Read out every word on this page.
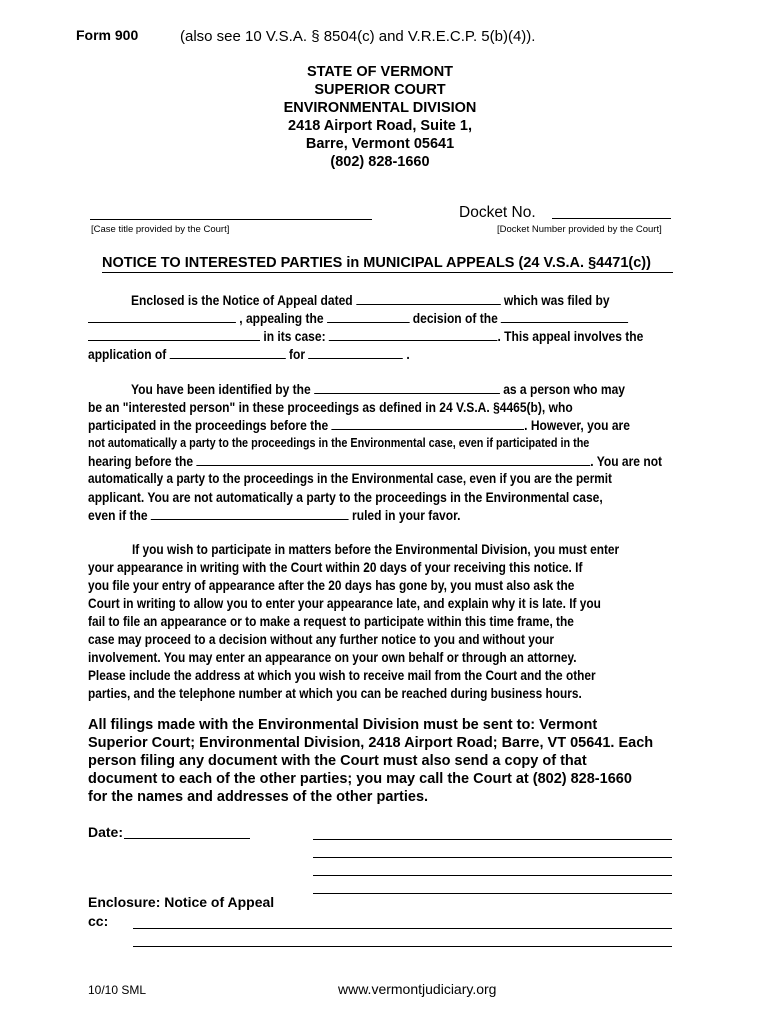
Form 900	(also see 10 V.S.A. § 8504(c) and V.R.E.C.P. 5(b)(4)).
STATE OF VERMONT
SUPERIOR COURT
ENVIRONMENTAL DIVISION
2418 Airport Road, Suite 1,
Barre, Vermont 05641
(802) 828-1660
[Case title provided by the Court]
Docket No.
[Docket Number provided by the Court]
NOTICE TO INTERESTED PARTIES in MUNICIPAL APPEALS (24 V.S.A. §4471(c))
Enclosed is the Notice of Appeal dated	which was filed by
, appealing the	decision of the
in its case:	. This appeal involves the
application of	for	.
You have been identified by the	as a person who may
be an "interested person" in these proceedings as defined in 24 V.S.A. §4465(b), who
participated in the proceedings before the	. However, you are
not automatically a party to the proceedings in the Environmental case, even if participated in the
hearing before the	. You are not
automatically a party to the proceedings in the Environmental case, even if you are the permit
applicant. You are not automatically a party to the proceedings in the Environmental case,
even if the	ruled in your favor.
If you wish to participate in matters before the Environmental Division, you must enter
your appearance in writing with the Court within 20 days of your receiving this notice. If
you file your entry of appearance after the 20 days has gone by, you must also ask the
Court in writing to allow you to enter your appearance late, and explain why it is late. If you
fail to file an appearance or to make a request to participate within this time frame, the
case may proceed to a decision without any further notice to you and without your
involvement. You may enter an appearance on your own behalf or through an attorney.
Please include the address at which you wish to receive mail from the Court and the other
parties, and the telephone number at which you can be reached during business hours.
All filings made with the Environmental Division must be sent to: Vermont
Superior Court; Environmental Division, 2418 Airport Road; Barre, VT 05641. Each
person filing any document with the Court must also send a copy of that
document to each of the other parties; you may call the Court at (802) 828-1660
for the names and addresses of the other parties.
Date:
Enclosure: Notice of Appeal
cc:
10/10 SML	www.vermontjudiciary.org
